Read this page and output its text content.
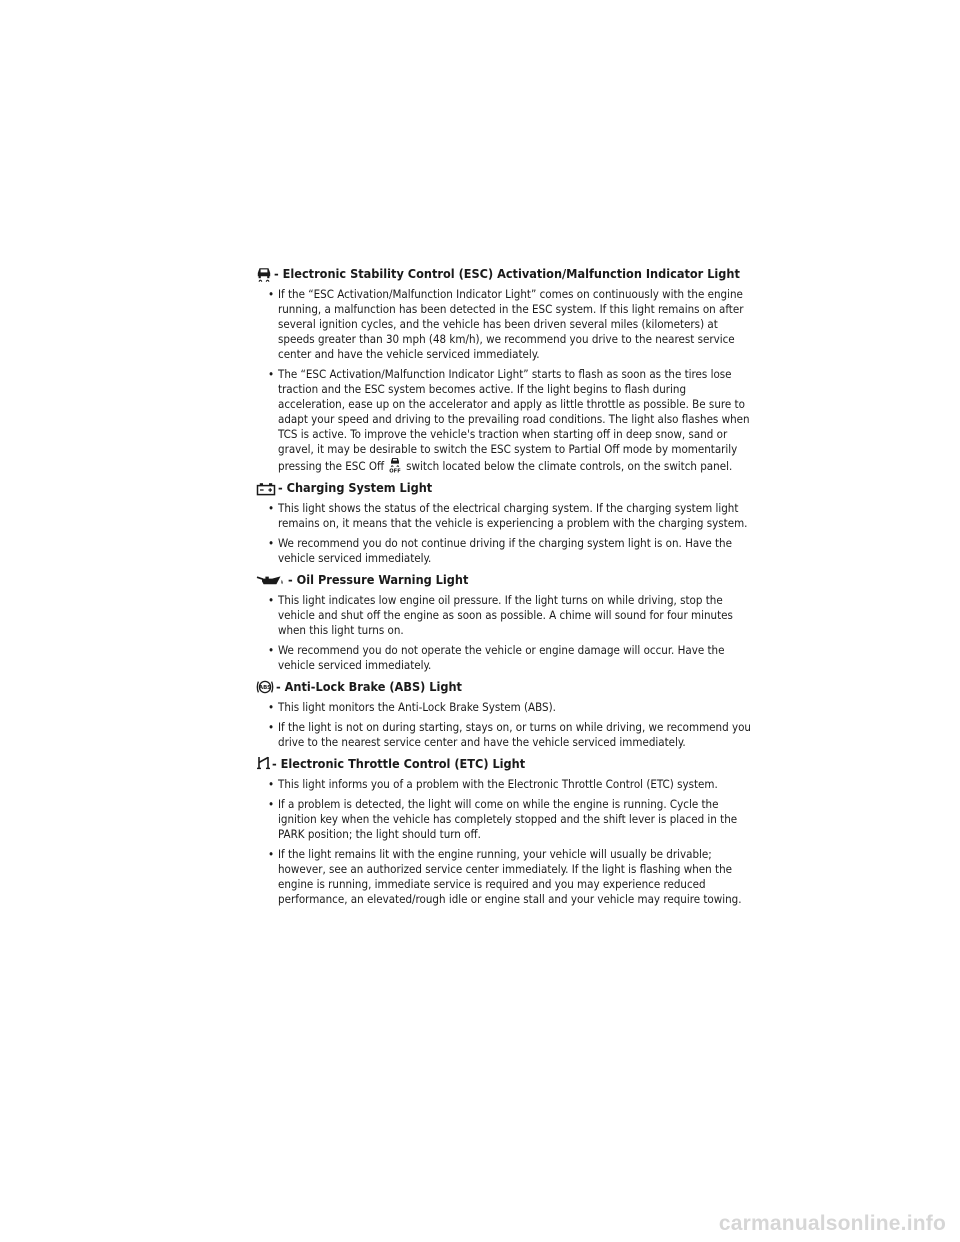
- Electronic Stability Control (ESC) Activation/Malfunction Indicator Light
• If the “ESC Activation/Malfunction Indicator Light” comes on continuously with the engine running, a malfunction has been detected in the ESC system. If this light remains on after several ignition cycles, and the vehicle has been driven several miles (kilometers) at speeds greater than 30 mph (48 km/h), we recommend you drive to the nearest service center and have the vehicle serviced immediately.
• The “ESC Activation/Malfunction Indicator Light” starts to flash as soon as the tires lose traction and the ESC system becomes active. If the light begins to flash during acceleration, ease up on the accelerator and apply as little throttle as possible. Be sure to adapt your speed and driving to the prevailing road conditions. The light also flashes when TCS is active. To improve the vehicle's traction when starting off in deep snow, sand or gravel, it may be desirable to switch the ESC system to Partial Off mode by momentarily pressing the ESC Off OFF switch located below the climate controls, on the switch panel.
- Charging System Light
• This light shows the status of the electrical charging system. If the charging system light remains on, it means that the vehicle is experiencing a problem with the charging system.
• We recommend you do not continue driving if the charging system light is on. Have the vehicle serviced immediately.
- Oil Pressure Warning Light
• This light indicates low engine oil pressure. If the light turns on while driving, stop the vehicle and shut off the engine as soon as possible. A chime will sound for four minutes when this light turns on.
• We recommend you do not operate the vehicle or engine damage will occur. Have the vehicle serviced immediately.
ABS - Anti-Lock Brake (ABS) Light
• This light monitors the Anti-Lock Brake System (ABS).
• If the light is not on during starting, stays on, or turns on while driving, we recommend you drive to the nearest service center and have the vehicle serviced immediately.
- Electronic Throttle Control (ETC) Light
• This light informs you of a problem with the Electronic Throttle Control (ETC) system.
• If a problem is detected, the light will come on while the engine is running. Cycle the ignition key when the vehicle has completely stopped and the shift lever is placed in the PARK position; the light should turn off.
• If the light remains lit with the engine running, your vehicle will usually be drivable; however, see an authorized service center immediately. If the light is flashing when the engine is running, immediate service is required and you may experience reduced performance, an elevated/rough idle or engine stall and your vehicle may require towing.
carmanualsonline.info
